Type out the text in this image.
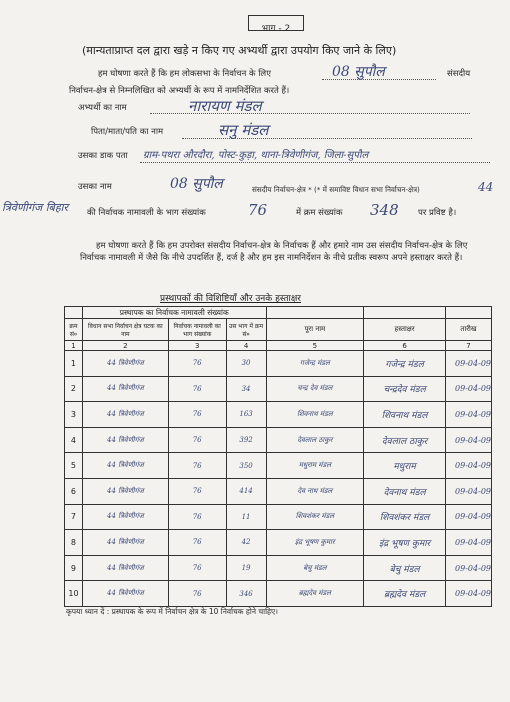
भाग - 2
(मान्यताप्राप्त दल द्वारा खड़े न किए गए अभ्यर्थी द्वारा उपयोग किए जाने के लिए)
हम घोषणा करते हैं कि हम लोकसभा के निर्वाचन के लिए	08 सुपौल	संसदीय
निर्वाचन-क्षेत्र से निम्नलिखित को अभ्यर्थी के रूप में नामनिर्देशित करते हैं।
अभ्यर्थी का नाम	नारायण मंडल
पिता/माता/पति का नाम	सनु मंडल
उसका डाक पता ग्राम-पथरा औरदौरा, पोस्ट-कुड़ा, थाना-त्रिवेणीगंज, जिला-सुपौल
उसका नाम	08 सुपौल	संसदीय निर्वाचन-क्षेत्र * (* में समाविष्ट विधान सभा निर्वाचन-क्षेत्र)	44
त्रिवेणीगंज बिहार की निर्वाचक नामावली के भाग संख्यांक	76	में क्रम संख्यांक 348 पर प्रविष्ट है।
हम घोषणा करते हैं कि हम उपरोक्त संसदीय निर्वाचन-क्षेत्र के निर्वाचक हैं और हमारे नाम उस संसदीय निर्वाचन-क्षेत्र के लिए निर्वाचक नामावली में जैसे कि नीचे उपदर्शित हैं, दर्ज है और हम इस नामनिर्देशन के नीचे प्रतीक स्वरूप अपने हस्ताक्षर करते हैं।
प्रस्थापकों की विशिष्टियाँ और उनके हस्ताक्षर
	प्रस्थापक का निर्वाचक नामावली संख्यांक					
क्रम सं०	विधान सभा निर्वाचन क्षेत्र घटक का नाम	निर्वाचक नामावली का भाग संख्यांक	उस भाग में क्रम सं०	पूरा नाम	हस्ताक्षर	तारीख
1	2	3	4	5	6	7
1	44 त्रिवेणीगंज	76	30	गजेन्द्र मंडल	गजेन्द्र मंडल	09-04-09
2	44 त्रिवेणीगंज	76	34	चन्द्र देव मंडल	चन्द्रदेव मंडल	09-04-09
3	44 त्रिवेणीगंज	76	163	शिवनाथ मंडल	शिवनाथ मंडल	09-04-09
4	44 त्रिवेणीगंज	76	392	देवलाल ठाकुर	देवलाल ठाकुर	09-04-09
5	44 त्रिवेणीगंज	76	350	मधुराम मंडल	मधुराम	09-04-09
6	44 त्रिवेणीगंज	76	414	देव नाथ मंडल	देवनाथ मंडल	09-04-09
7	44 त्रिवेणीगंज	76	11	शिवशंकर मंडल	शिवशंकर मंडल	09-04-09
8	44 त्रिवेणीगंज	76	42	इंद्र भूषण कुमार	इंद्र भूषण कुमार	09-04-09
9	44 त्रिवेणीगंज	76	19	बेचु मंडल	बेचु मंडल	09-04-09
10	44 त्रिवेणीगंज	76	346	ब्रह्मदेव मंडल	ब्रह्मदेव मंडल	09-04-09
कृपया ध्यान दें : प्रस्थापक के रूप में निर्वाचन क्षेत्र के 10 निर्वाचक होने चाहिए।
